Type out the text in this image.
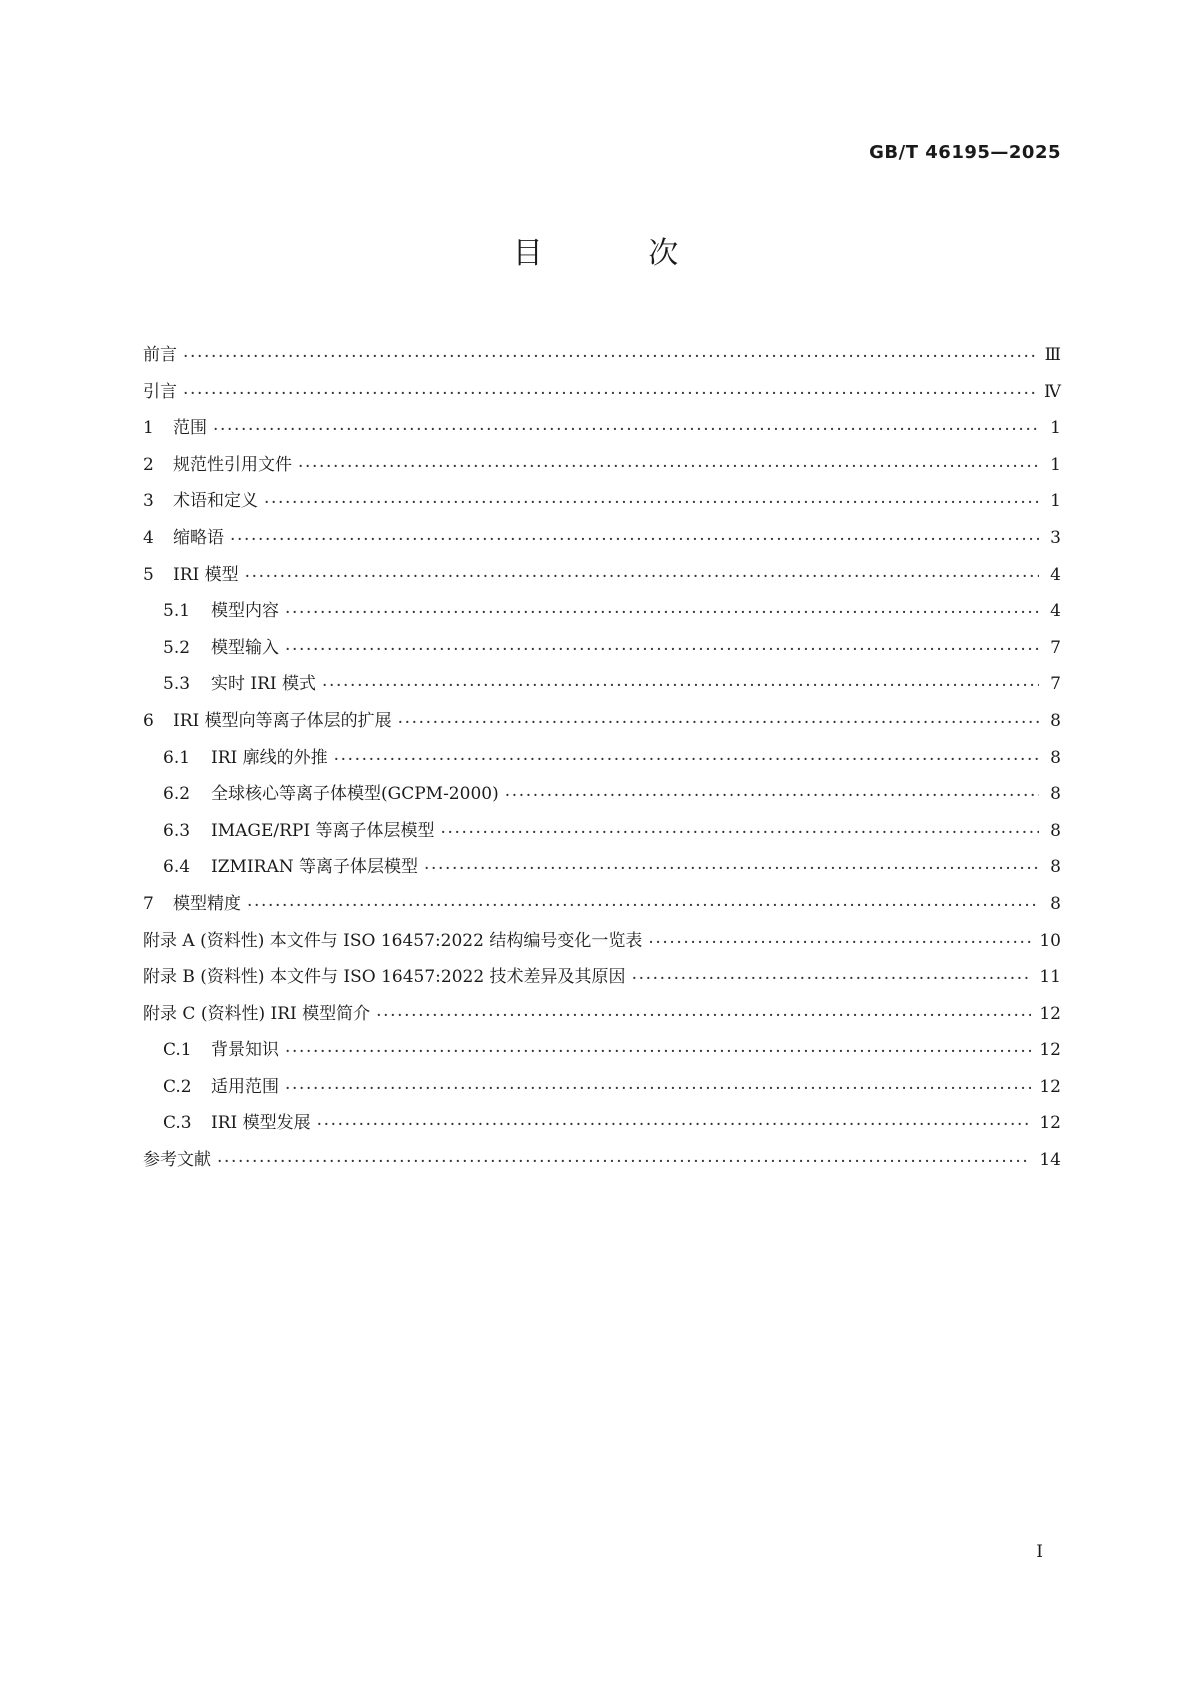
GB/T 46195—2025
目 次
前言 ·····	Ⅲ
引言 ·····	Ⅳ
1	范围 ·····	1
2	规范性引用文件 ·····	1
3	术语和定义 ·····	1
4	缩略语 ·····	3
5	IRI 模型 ·····	4
5.1	模型内容 ·····	4
5.2	模型输入 ·····	7
5.3	实时 IRI 模式 ·····	7
6	IRI 模型向等离子体层的扩展 ·····	8
6.1	IRI 廓线的外推 ·····	8
6.2	全球核心等离子体模型(GCPM-2000) ·····	8
6.3	IMAGE/RPI 等离子体层模型 ·····	8
6.4	IZMIRAN 等离子体层模型 ·····	8
7	模型精度 ·····	8
附录 A (资料性) 本文件与 ISO 16457:2022 结构编号变化一览表 ·····	10
附录 B (资料性) 本文件与 ISO 16457:2022 技术差异及其原因 ·····	11
附录 C (资料性) IRI 模型简介 ·····	12
C.1	背景知识 ·····	12
C.2	适用范围 ·····	12
C.3	IRI 模型发展 ·····	12
参考文献 ·····	14
Ⅰ
